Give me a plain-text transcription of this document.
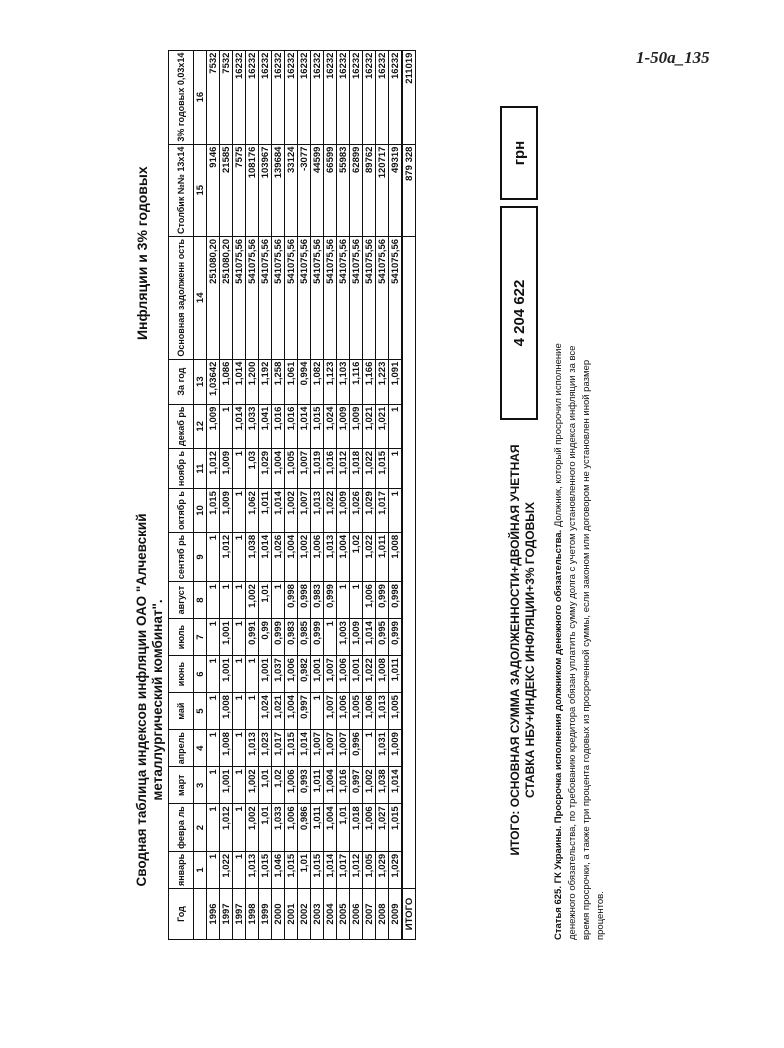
1-50а_135
Сводная таблица индексов инфляции ОАО "Алчевский металлургический комбинат".
Инфляции и 3% годовых
Год	январь	февра ль	март	апрель	май	июнь	июль	август	сентяб рь	октябр ь	ноябр ь	декаб рь	За год	Основная задолженн ость	Столбик №№ 13х14	3% годовых 0,03х14
	1	2	3	4	5	6	7	8	9	10	11	12	13	14	15	16
1996	1	1	1	1	1	1	1	1	1	1,015	1,012	1,009	1,03642	251080,20	9146	7532
1997	1,022	1,012	1,001	1,008	1,008	1,001	1,001	1	1,012	1,009	1,009	1	1,086	251080,20	21585	7532
1997	1	1	1	1	1	1	1	1	1	1	1	1,014	1,014	541075,56	7575	16232
1998	1,013	1,002	1,002	1,013	1	1	0,991	1,002	1,038	1,062	1,03	1,033	1,200	541075,56	108176	16232
1999	1,015	1,01	1,01	1,023	1,024	1,001	0,99	1,01	1,014	1,011	1,029	1,041	1,192	541075,56	103967	16232
2000	1,046	1,033	1,02	1,017	1,021	1,037	0,999	1	1,026	1,014	1,004	1,016	1,258	541075,56	139684	16232
2001	1,015	1,006	1,006	1,015	1,004	1,006	0,983	0,998	1,004	1,002	1,005	1,016	1,061	541075,56	33124	16232
2002	1,01	0,986	0,993	1,014	0,997	0,982	0,985	0,998	1,002	1,007	1,007	1,014	0,994	541075,56	-3077	16232
2003	1,015	1,011	1,011	1,007	1	1,001	0,999	0,983	1,006	1,013	1,019	1,015	1,082	541075,56	44599	16232
2004	1,014	1,004	1,004	1,007	1,007	1,007	1	0,999	1,013	1,022	1,016	1,024	1,123	541075,56	66599	16232
2005	1,017	1,01	1,016	1,007	1,006	1,006	1,003	1	1,004	1,009	1,012	1,009	1,103	541075,56	55983	16232
2006	1,012	1,018	0,997	0,996	1,005	1,001	1,009	1	1,02	1,026	1,018	1,009	1,116	541075,56	62899	16232
2007	1,005	1,006	1,002	1	1,006	1,022	1,014	1,006	1,022	1,029	1,022	1,021	1,166	541075,56	89762	16232
2008	1,029	1,027	1,038	1,031	1,013	1,008	0,995	0,999	1,011	1,017	1,015	1,021	1,223	541075,56	120717	16232
2009	1,029	1,015	1,014	1,009	1,005	1,011	0,999	0,998	1,008	1	1	1	1,091	541075,56	49319	16232
ИТОГО															879 328	211019
ИТОГО: ОСНОВНАЯ СУММА ЗАДОЛЖЕННОСТИ+ДВОЙНАЯ УЧЕТНАЯ СТАВКА НБУ+ИНДЕКС ИНФЛЯЦИИ+3% ГОДОВЫХ
4 204 622
грн
Статья 625. ГК Украины. Просрочка исполнения должником денежного обязательства. Должник, который просрочил исполнение денежного обязательства, по требованию кредитора обязан уплатить сумму долга с учетом установленного индекса инфляции за все время просрочки, а также три процента годовых из просроченной суммы, если законом или договором не установлен иной размер процентов.
